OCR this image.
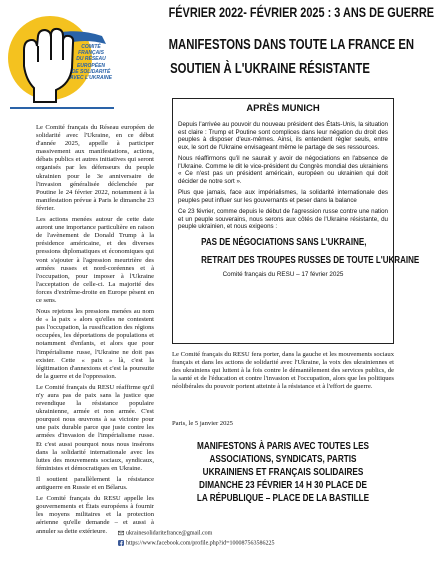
COMITÉ
FRANÇAIS
DU RÉSEAU
EUROPÉEN
DE SOLIDARITÉ
AVEC L'UKRAINE
FÉVRIER 2022- FÉVRIER 2025 : 3 ANS DE GUERRE
MANIFESTONS DANS TOUTE LA FRANCE EN
SOUTIEN À L'UKRAINE RÉSISTANTE

Le Comité français du Réseau européen de solidarité avec l'Ukraine, en ce début d'année 2025, appelle à participer massivement aux manifestations, actions, débats publics et autres initiatives qui seront organisés par les défenseurs du peuple ukrainien pour le 3e anniversaire de l'invasion généralisée déclenchée par Poutine le 24 février 2022, notamment à la manifestation prévue à Paris le dimanche 23 février.

Les actions menées autour de cette date auront une importance particulière en raison de l'avènement de Donald Trump à la présidence américaine, et des diverses pressions diplomatiques et économiques qui vont s'ajouter à l'agression meurtrière des armées russes et nord-coréennes et à l'occupation, pour imposer à l'Ukraine l'acceptation de celle-ci. La majorité des forces d'extrême-droite en Europe pèsent en ce sens.

Nous rejetons les pressions menées au nom de « la paix » alors qu'elles ne contestent pas l'occupation, la russification des régions occupées, les déportations de populations et notamment d'enfants, et alors que pour l'impérialisme russe, l'Ukraine ne doit pas exister. Cette « paix » là, c'est la légitimation d'annexions et c'est la poursuite de la guerre et de l'oppression.

Le Comité français du RESU réaffirme qu'il n'y aura pas de paix sans la justice que revendique la résistance populaire ukrainienne, armée et non armée. C'est pourquoi nous œuvrons à sa victoire pour une paix durable parce que juste contre les armées d'invasion de l'impérialisme russe. Et c'est aussi pourquoi nous nous insérons dans la solidarité internationale avec les luttes des mouvements sociaux, syndicaux, féministes et démocratiques en Ukraine.

Il soutient parallèlement la résistance antiguerre en Russie et en Bélarus.

Le Comité français du RESU appelle les gouvernements et États européens à fournir les moyens militaires et la protection aérienne qu'elle demande – et aussi à annuler sa dette extérieure.

APRÈS MUNICH

Depuis l'arrivée au pouvoir du nouveau président des États-Unis, la situation est claire : Trump et Poutine sont complices dans leur négation du droit des peuples à disposer d'eux-mêmes. Ainsi, ils entendent régler seuls, entre eux, le sort de l'Ukraine envisageant même le partage de ses ressources.

Nous réaffirmons qu'il ne saurait y avoir de négociations en l'absence de l'Ukraine. Comme le dit le vice-président du Congrès mondial des ukrainiens « Ce n'est pas un président américain, européen ou ukrainien qui doit décider de notre sort ».

Plus que jamais, face aux impérialismes, la solidarité internationale des peuples peut influer sur les gouvernants et peser dans la balance

Ce 23 février, comme depuis le début de l'agression russe contre une nation et un peuple souverains, nous serons aux côtés de l'Ukraine résistante, du peuple ukrainien, et nous exigeons :

PAS DE NÉGOCIATIONS SANS L'UKRAINE,
RETRAIT DES TROUPES RUSSES DE TOUTE L'UKRAINE
Comité français du RESU – 17 février 2025

Le Comité français du RESU fera porter, dans la gauche et les mouvements sociaux français et dans les actions de solidarité avec l'Ukraine, la voix des ukrainiennes et des ukrainiens qui luttent à la fois contre le démantèlement des services publics, de la santé et de l'éducation et contre l'invasion et l'occupation, alors que les politiques néolibérales du pouvoir portent atteinte à la résistance et à l'effort de guerre.

Paris, le 5 janvier 2025
MANIFESTONS À PARIS AVEC TOUTES LES
ASSOCIATIONS, SYNDICATS, PARTIS
UKRAINIENS ET FRANÇAIS SOLIDAIRES
DIMANCHE 23 FÉVRIER 14 H 30 PLACE DE
LA RÉPUBLIQUE – PLACE DE LA BASTILLE
ukrainesolidaritefrance@gmail.com
https://www.facebook.com/profile.php?id=100087563586225
